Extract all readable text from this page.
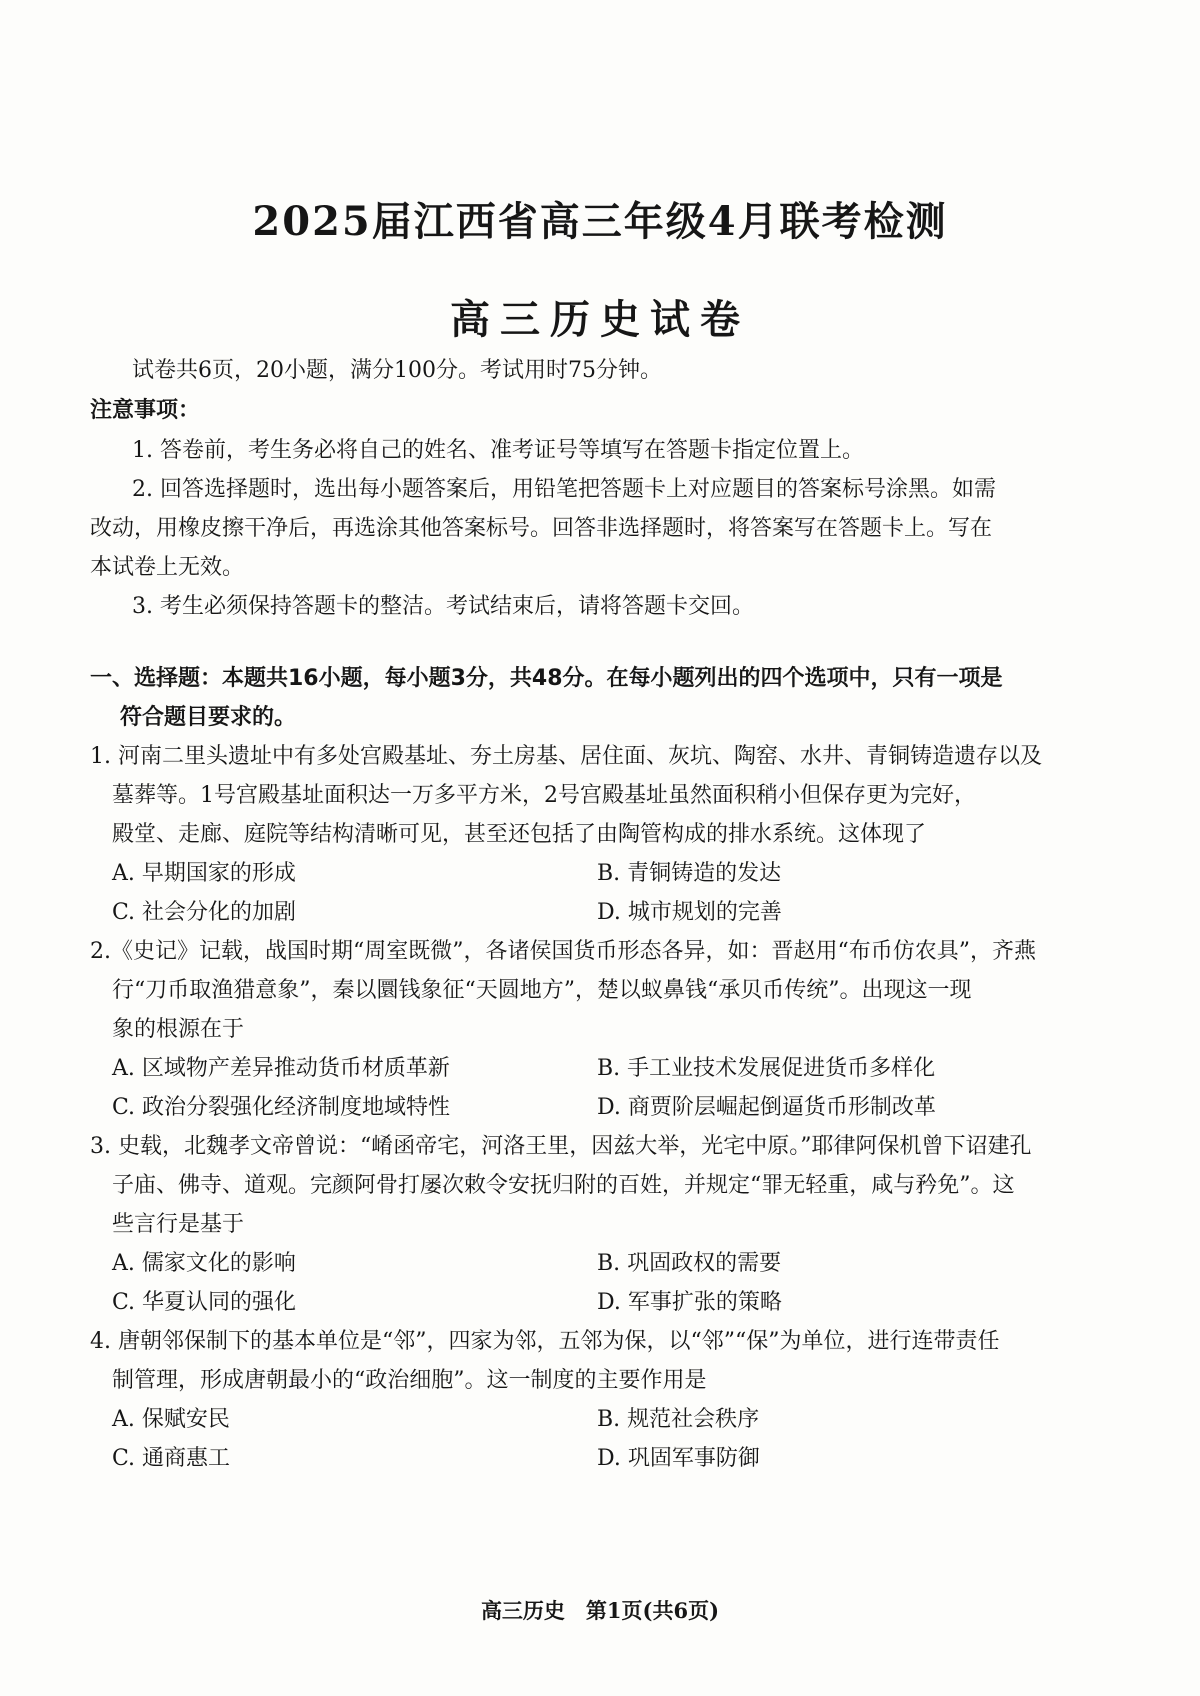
2025届江西省高三年级4月联考检测
高三历史试卷
试卷共6页，20小题，满分100分。考试用时75分钟。
注意事项：
1. 答卷前，考生务必将自己的姓名、准考证号等填写在答题卡指定位置上。
2. 回答选择题时，选出每小题答案后，用铅笔把答题卡上对应题目的答案标号涂黑。如需
改动，用橡皮擦干净后，再选涂其他答案标号。回答非选择题时，将答案写在答题卡上。写在
本试卷上无效。
3. 考生必须保持答题卡的整洁。考试结束后，请将答题卡交回。
一、选择题：本题共16小题，每小题3分，共48分。在每小题列出的四个选项中，只有一项是
符合题目要求的。
1. 河南二里头遗址中有多处宫殿基址、夯土房基、居住面、灰坑、陶窑、水井、青铜铸造遗存以及
墓葬等。1号宫殿基址面积达一万多平方米，2号宫殿基址虽然面积稍小但保存更为完好，
殿堂、走廊、庭院等结构清晰可见，甚至还包括了由陶管构成的排水系统。这体现了
A. 早期国家的形成	B. 青铜铸造的发达
C. 社会分化的加剧	D. 城市规划的完善
2.《史记》记载，战国时期“周室既微”，各诸侯国货币形态各异，如：晋赵用“布币仿农具”，齐燕
行“刀币取渔猎意象”，秦以圜钱象征“天圆地方”，楚以蚁鼻钱“承贝币传统”。出现这一现
象的根源在于
A. 区域物产差异推动货币材质革新	B. 手工业技术发展促进货币多样化
C. 政治分裂强化经济制度地域特性	D. 商贾阶层崛起倒逼货币形制改革
3. 史载，北魏孝文帝曾说：“崤函帝宅，河洛王里，因兹大举，光宅中原。”耶律阿保机曾下诏建孔
子庙、佛寺、道观。完颜阿骨打屡次敕令安抚归附的百姓，并规定“罪无轻重，咸与矜免”。这
些言行是基于
A. 儒家文化的影响	B. 巩固政权的需要
C. 华夏认同的强化	D. 军事扩张的策略
4. 唐朝邻保制下的基本单位是“邻”，四家为邻，五邻为保，以“邻”“保”为单位，进行连带责任
制管理，形成唐朝最小的“政治细胞”。这一制度的主要作用是
A. 保赋安民	B. 规范社会秩序
C. 通商惠工	D. 巩固军事防御
高三历史　第1页(共6页)
